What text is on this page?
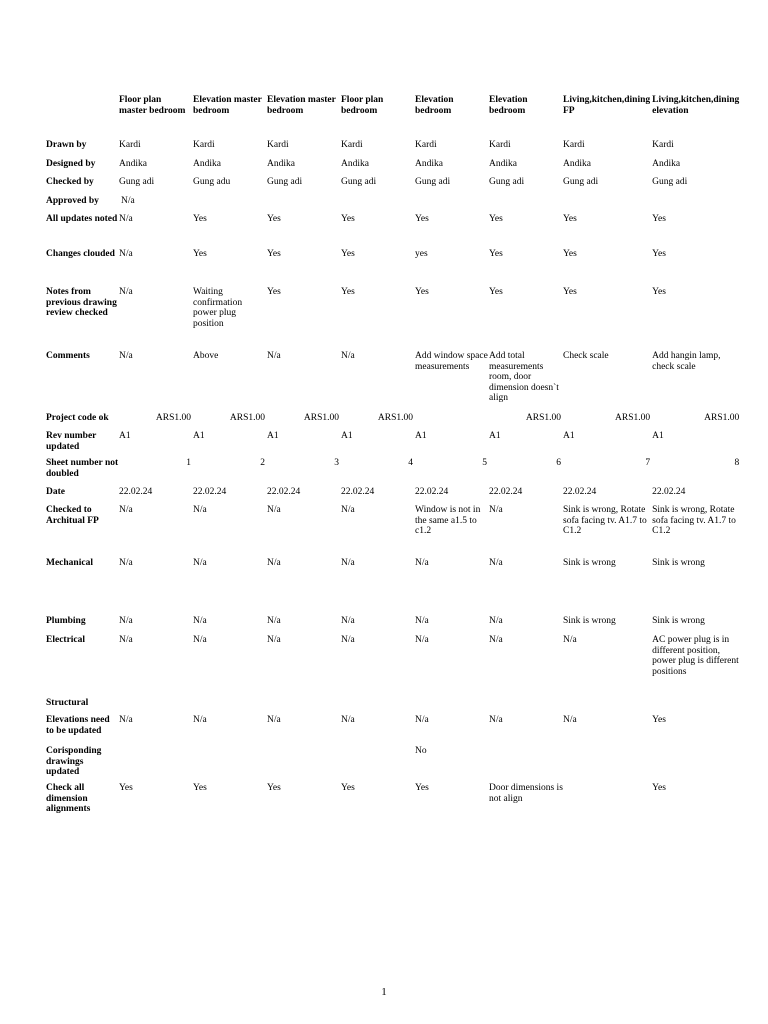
	Floor plan master bedroom	Elevation master bedroom	Elevation master bedroom	Floor plan bedroom	Elevation bedroom	Elevation bedroom	Living,kitchen,dining FP	Living,kitchen,dining elevation
Drawn by	Kardi	Kardi	Kardi	Kardi	Kardi	Kardi	Kardi	Kardi
Designed by	Andika	Andika	Andika	Andika	Andika	Andika	Andika	Andika
Checked by	Gung adi	Gung adu	Gung adi	Gung adi	Gung adi	Gung adi	Gung adi	Gung adi
Approved by	N/a							
All updates noted	N/a	Yes	Yes	Yes	Yes	Yes	Yes	Yes
Changes clouded	N/a	Yes	Yes	Yes	yes	Yes	Yes	Yes
Notes from previous drawing review checked	N/a	Waiting confirmation power plug position	Yes	Yes	Yes	Yes	Yes	Yes
Comments	N/a	Above	N/a	N/a	Add window space measurements	Add total measurements room, door dimension doesn`t align	Check scale	Add hangin lamp, check scale
Project code ok	ARS1.00	ARS1.00	ARS1.00	ARS1.00		ARS1.00	ARS1.00	ARS1.00
Rev number updated	A1	A1	A1	A1	A1	A1	A1	A1
Sheet number not doubled	1	2	3	4	5	6	7	8
Date	22.02.24	22.02.24	22.02.24	22.02.24	22.02.24	22.02.24	22.02.24	22.02.24
Checked to Architual FP	N/a	N/a	N/a	N/a	Window is not in the same a1.5 to c1.2	N/a	Sink is wrong, Rotate sofa facing tv. A1.7 to C1.2	Sink is wrong, Rotate sofa facing tv. A1.7 to C1.2
Mechanical	N/a	N/a	N/a	N/a	N/a	N/a	Sink is wrong	Sink is wrong
Plumbing	N/a	N/a	N/a	N/a	N/a	N/a	Sink is wrong	Sink is wrong
Electrical	N/a	N/a	N/a	N/a	N/a	N/a	N/a	AC power plug is in different position, power plug is different positions
Structural								
Elevations need to be updated	N/a	N/a	N/a	N/a	N/a	N/a	N/a	Yes
Corisponding drawings updated					No			
Check all dimension alignments	Yes	Yes	Yes	Yes	Yes	Door dimensions is not align		Yes
1
